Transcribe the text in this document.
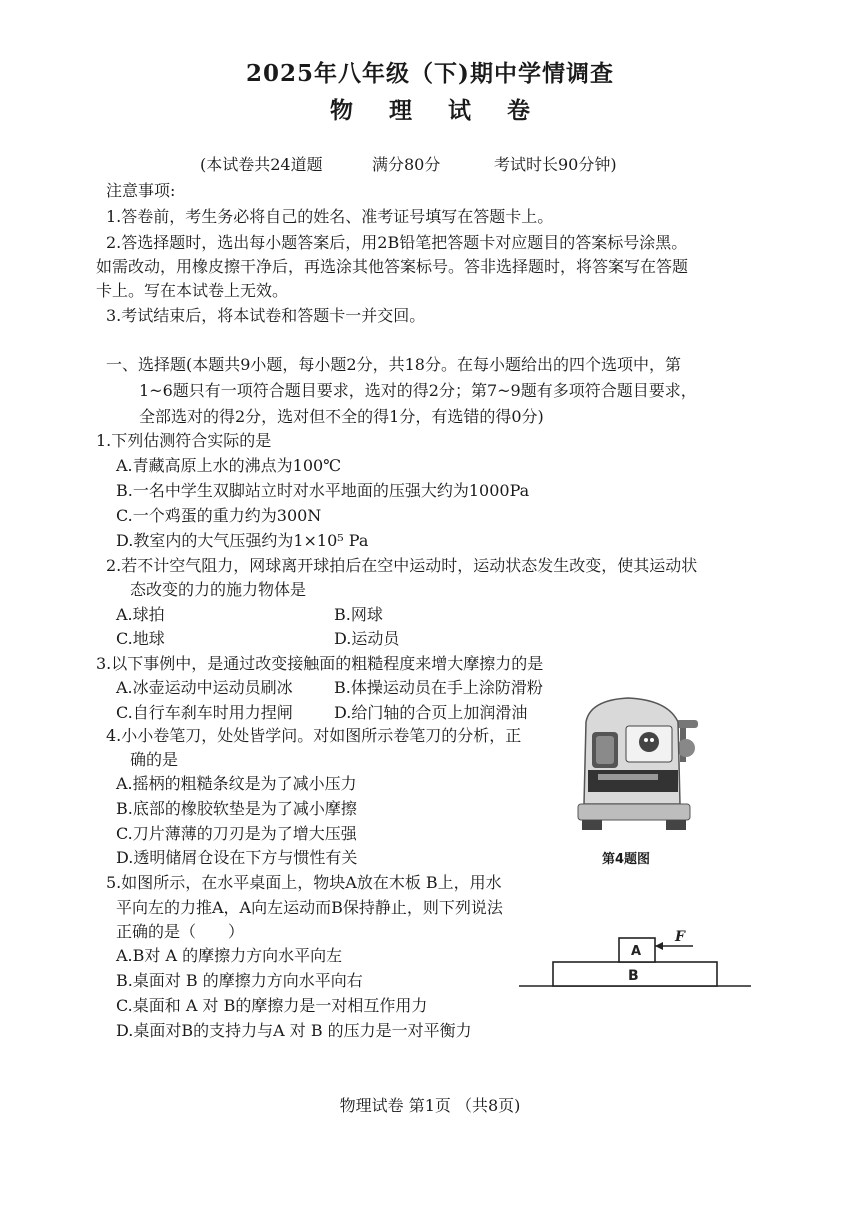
2025年八年级（下)期中学情调查
物 理 试 卷
(本试卷共24道题	满分80分	考试时长90分钟)
注意事项:
1.答卷前，考生务必将自己的姓名、准考证号填写在答题卡上。
2.答选择题时，选出每小题答案后，用2B铅笔把答题卡对应题目的答案标号涂黑。
如需改动，用橡皮擦干净后，再选涂其他答案标号。答非选择题时，将答案写在答题
卡上。写在本试卷上无效。
3.考试结束后，将本试卷和答题卡一并交回。
一、选择题(本题共9小题，每小题2分，共18分。在每小题给出的四个选项中，第
1~6题只有一项符合题目要求，选对的得2分；第7~9题有多项符合题目要求，
全部选对的得2分，选对但不全的得1分，有选错的得0分)
1.下列估测符合实际的是
A.青藏高原上水的沸点为100℃
B.一名中学生双脚站立时对水平地面的压强大约为1000Pa
C.一个鸡蛋的重力约为300N
D.教室内的大气压强约为1×10⁵ Pa
2.若不计空气阻力，网球离开球拍后在空中运动时，运动状态发生改变，使其运动状
态改变的力的施力物体是
A.球拍	B.网球
C.地球	D.运动员
3.以下事例中，是通过改变接触面的粗糙程度来增大摩擦力的是
A.冰壶运动中运动员刷冰	B.体操运动员在手上涂防滑粉
C.自行车刹车时用力捏闸	D.给门轴的合页上加润滑油
4.小小卷笔刀，处处皆学问。对如图所示卷笔刀的分析，正
确的是
A.摇柄的粗糙条纹是为了减小压力
B.底部的橡胶软垫是为了减小摩擦
C.刀片薄薄的刀刃是为了增大压强
D.透明储屑仓设在下方与惯性有关	第4题图
5.如图所示，在水平桌面上，物块A放在木板 B上，用水
平向左的力推A，A向左运动而B保持静止，则下列说法
正确的是（　　）
A.B对 A 的摩擦力方向水平向左
B.桌面对 B 的摩擦力方向水平向右
C.桌面和 A 对 B的摩擦力是一对相互作用力
D.桌面对B的支持力与A 对 B 的压力是一对平衡力
B
A
F
物理试卷 第1页 （共8页)
